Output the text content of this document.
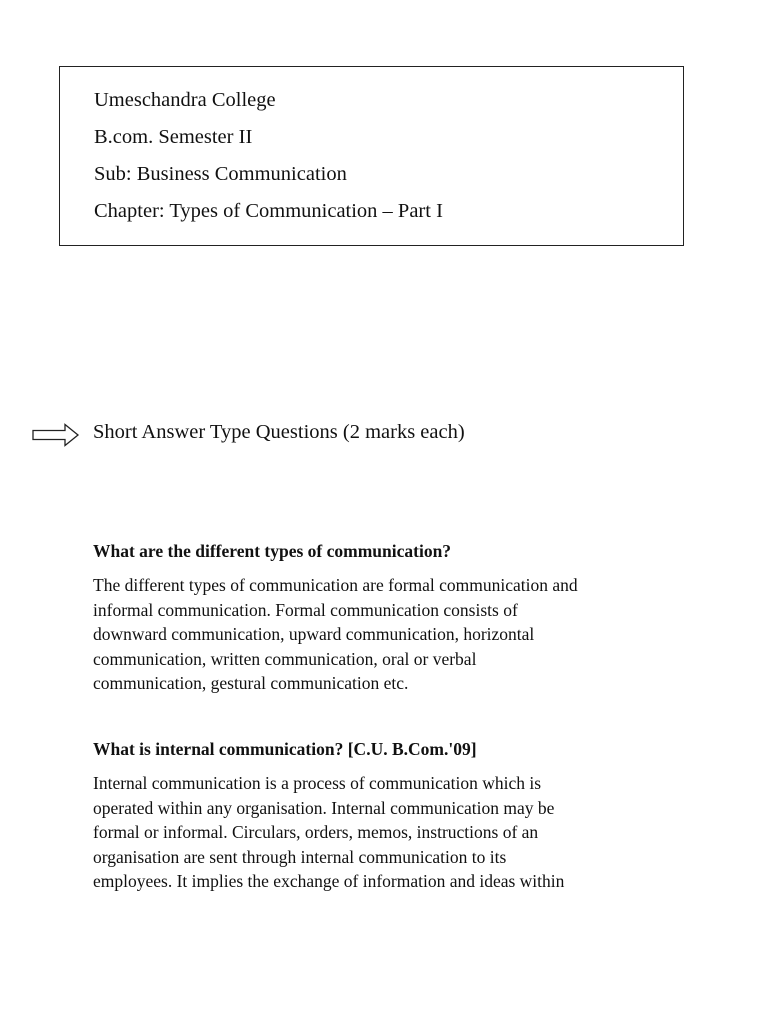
Umeschandra College
B.com. Semester II
Sub: Business Communication
Chapter: Types of Communication – Part I
Short Answer Type Questions (2 marks each)
What are the different types of communication?
The different types of communication are formal communication and
informal communication. Formal communication consists of
downward communication, upward communication, horizontal
communication, written communication, oral or verbal
communication, gestural communication etc.
What is internal communication? [C.U. B.Com.'09]
Internal communication is a process of communication which is
operated within any organisation. Internal communication may be
formal or informal. Circulars, orders, memos, instructions of an
organisation are sent through internal communication to its
employees. It implies the exchange of information and ideas within
